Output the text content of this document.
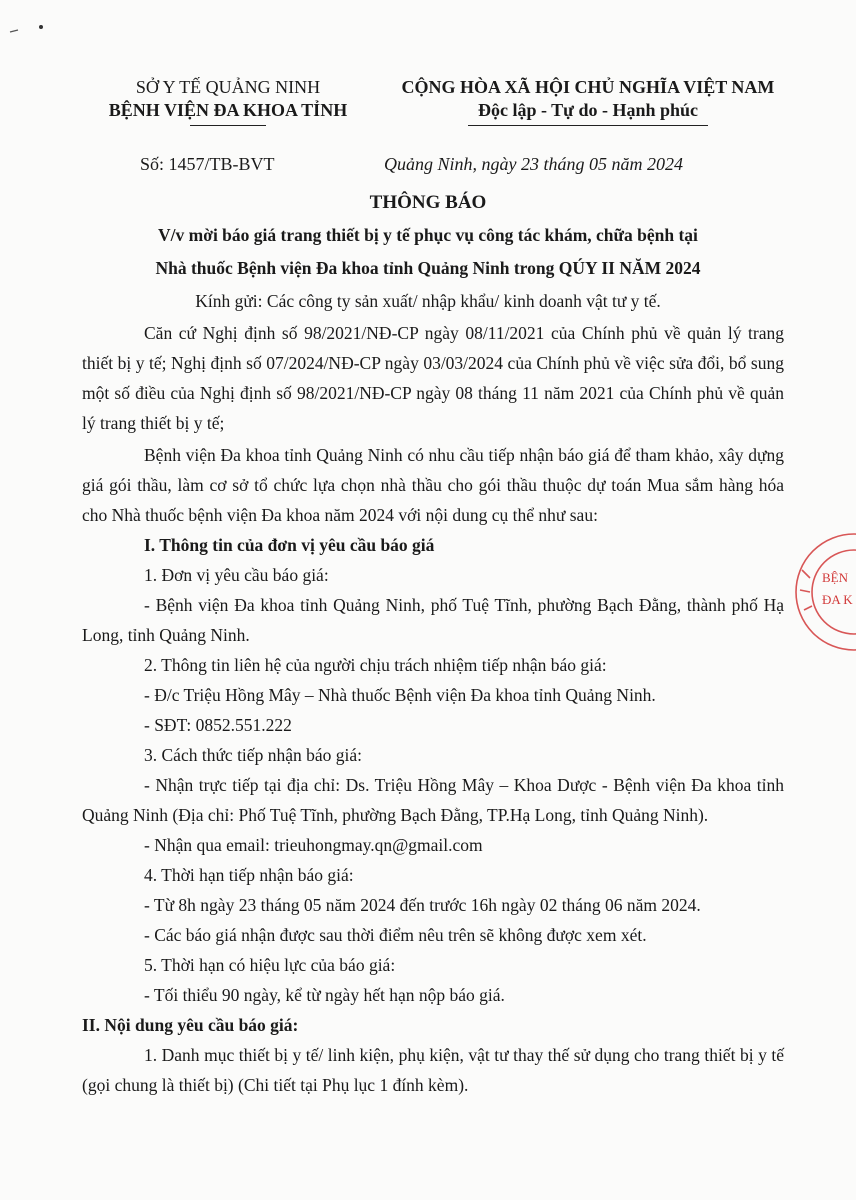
SỞ Y TẾ QUẢNG NINH
BỆNH VIỆN ĐA KHOA TỈNH
CỘNG HÒA XÃ HỘI CHỦ NGHĨA VIỆT NAM
Độc lập - Tự do - Hạnh phúc
Số: 1457/TB-BVT	Quảng Ninh, ngày 23 tháng 05 năm 2024
THÔNG BÁO
V/v mời báo giá trang thiết bị y tế phục vụ công tác khám, chữa bệnh tại
Nhà thuốc Bệnh viện Đa khoa tỉnh Quảng Ninh trong QÚY II NĂM 2024
Kính gửi: Các công ty sản xuất/ nhập khẩu/ kinh doanh vật tư y tế.

Căn cứ Nghị định số 98/2021/NĐ-CP ngày 08/11/2021 của Chính phủ về quản lý trang thiết bị y tế; Nghị định số 07/2024/NĐ-CP ngày 03/03/2024 của Chính phủ về việc sửa đổi, bổ sung một số điều của Nghị định số 98/2021/NĐ-CP ngày 08 tháng 11 năm 2021 của Chính phủ về quản lý trang thiết bị y tế;

Bệnh viện Đa khoa tỉnh Quảng Ninh có nhu cầu tiếp nhận báo giá để tham khảo, xây dựng giá gói thầu, làm cơ sở tổ chức lựa chọn nhà thầu cho gói thầu thuộc dự toán Mua sắm hàng hóa cho Nhà thuốc bệnh viện Đa khoa năm 2024 với nội dung cụ thể như sau:

I. Thông tin của đơn vị yêu cầu báo giá

1. Đơn vị yêu cầu báo giá:

- Bệnh viện Đa khoa tỉnh Quảng Ninh, phố Tuệ Tĩnh, phường Bạch Đằng, thành phố Hạ Long, tỉnh Quảng Ninh.

2. Thông tin liên hệ của người chịu trách nhiệm tiếp nhận báo giá:

- Đ/c Triệu Hồng Mây – Nhà thuốc Bệnh viện Đa khoa tỉnh Quảng Ninh.

- SĐT: 0852.551.222

3. Cách thức tiếp nhận báo giá:

- Nhận trực tiếp tại địa chỉ: Ds. Triệu Hồng Mây – Khoa Dược - Bệnh viện Đa khoa tỉnh Quảng Ninh (Địa chỉ: Phố Tuệ Tĩnh, phường Bạch Đằng, TP.Hạ Long, tỉnh Quảng Ninh).

- Nhận qua email: trieuhongmay.qn@gmail.com

4. Thời hạn tiếp nhận báo giá:

- Từ 8h ngày 23 tháng 05 năm 2024 đến trước 16h ngày 02 tháng 06 năm 2024.

- Các báo giá nhận được sau thời điểm nêu trên sẽ không được xem xét.

5. Thời hạn có hiệu lực của báo giá:

- Tối thiểu 90 ngày, kể từ ngày hết hạn nộp báo giá.

II. Nội dung yêu cầu báo giá:

1. Danh mục thiết bị y tế/ linh kiện, phụ kiện, vật tư thay thế sử dụng cho trang thiết bị y tế (gọi chung là thiết bị) (Chi tiết tại Phụ lục 1 đính kèm).

BỆN
ĐA K
